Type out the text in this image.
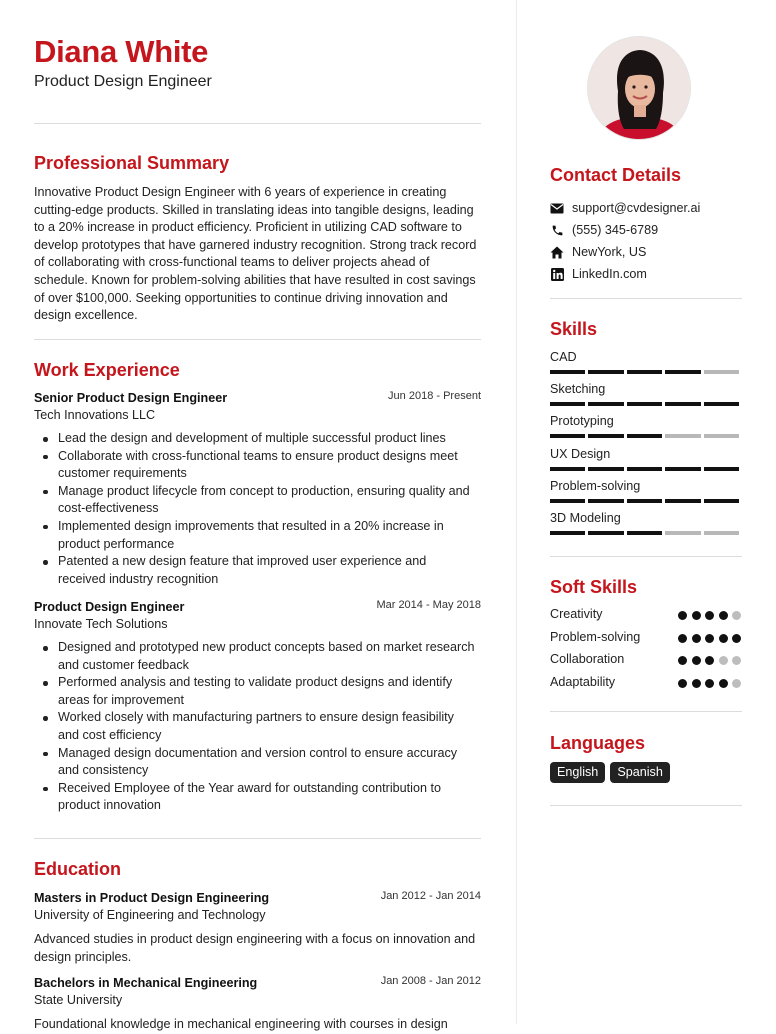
Diana White
Product Design Engineer
Professional Summary
Innovative Product Design Engineer with 6 years of experience in creating cutting-edge products. Skilled in translating ideas into tangible designs, leading to a 20% increase in product efficiency. Proficient in utilizing CAD software to develop prototypes that have garnered industry recognition. Strong track record of collaborating with cross-functional teams to deliver projects ahead of schedule. Known for problem-solving abilities that have resulted in cost savings of over $100,000. Seeking opportunities to continue driving innovation and design excellence.
Work Experience
Senior Product Design Engineer	Jun 2018 - Present
Tech Innovations LLC
Lead the design and development of multiple successful product lines
Collaborate with cross-functional teams to ensure product designs meet customer requirements
Manage product lifecycle from concept to production, ensuring quality and cost-effectiveness
Implemented design improvements that resulted in a 20% increase in product performance
Patented a new design feature that improved user experience and received industry recognition
Product Design Engineer	Mar 2014 - May 2018
Innovate Tech Solutions
Designed and prototyped new product concepts based on market research and customer feedback
Performed analysis and testing to validate product designs and identify areas for improvement
Worked closely with manufacturing partners to ensure design feasibility and cost efficiency
Managed design documentation and version control to ensure accuracy and consistency
Received Employee of the Year award for outstanding contribution to product innovation
Education
Masters in Product Design Engineering	Jan 2012 - Jan 2014
University of Engineering and Technology
Advanced studies in product design engineering with a focus on innovation and design principles.
Bachelors in Mechanical Engineering	Jan 2008 - Jan 2012
State University
Foundational knowledge in mechanical engineering with courses in design
Contact Details
support@cvdesigner.ai
(555) 345-6789
NewYork, US
LinkedIn.com
Skills
CAD
Sketching
Prototyping
UX Design
Problem-solving
3D Modeling
Soft Skills
Creativity
Problem-solving
Collaboration
Adaptability
Languages
English	Spanish
